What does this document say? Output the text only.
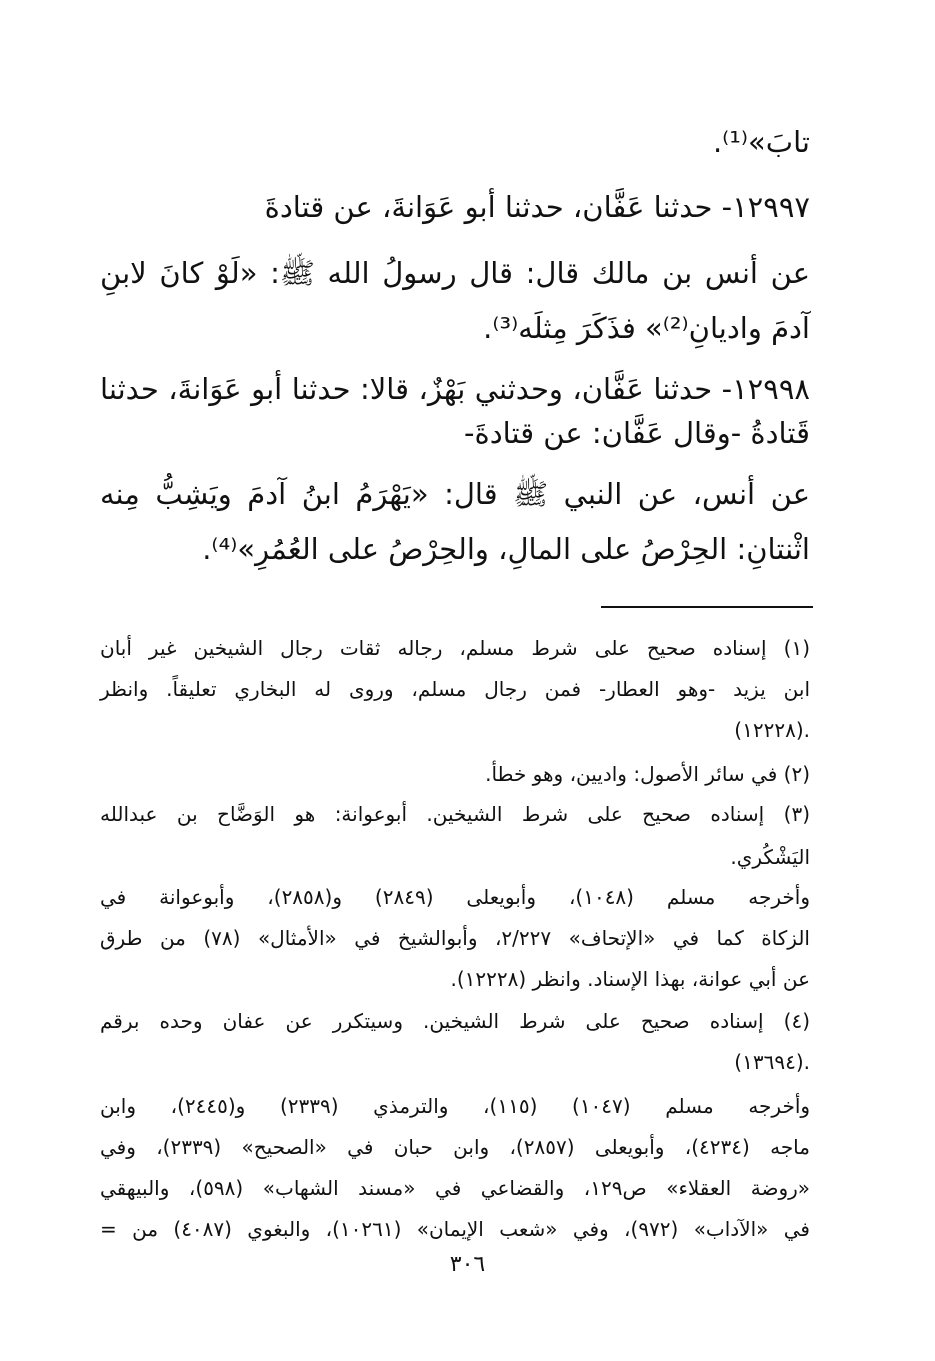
تابَ»⁽¹⁾.
١٢٩٩٧- حدثنا عَفَّان، حدثنا أبو عَوَانةَ، عن قتادةَ
عن أنس بن مالك قال: قال رسولُ الله ﷺ: «لَوْ كانَ لابنِ
آدمَ واديانِ⁽²⁾» فذَكَرَ مِثلَه⁽³⁾.
١٢٩٩٨- حدثنا عَفَّان، وحدثني بَهْزٌ، قالا: حدثنا أبو عَوَانةَ، حدثنا
قَتادةُ -وقال عَفَّان: عن قتادةَ-
عن أنس، عن النبي ﷺ قال: «يَهْرَمُ ابنُ آدمَ ويَشِبُّ مِنه
اثْنتانِ: الحِرْصُ على المالِ، والحِرْصُ على العُمُرِ»⁽⁴⁾.
(١) إسناده صحيح على شرط مسلم، رجاله ثقات رجال الشيخين غير أبان
ابن يزيد -وهو العطار- فمن رجال مسلم، وروى له البخاري تعليقاً. وانظر
(١٢٢٢٨).
(٢) في سائر الأصول: واديين، وهو خطأ.
(٣) إسناده صحيح على شرط الشيخين. أبوعوانة: هو الوَضَّاح بن عبدالله
اليَشْكُري.
وأخرجه مسلم (١٠٤٨)، وأبويعلى (٢٨٤٩) و(٢٨٥٨)، وأبوعوانة في
الزكاة كما في «الإتحاف» ٢/٢٢٧، وأبوالشيخ في «الأمثال» (٧٨) من طرق
عن أبي عوانة، بهذا الإسناد. وانظر (١٢٢٢٨).
(٤) إسناده صحيح على شرط الشيخين. وسيتكرر عن عفان وحده برقم
(١٣٦٩٤).
وأخرجه مسلم (١٠٤٧) (١١٥)، والترمذي (٢٣٣٩) و(٢٤٤٥)، وابن
ماجه (٤٢٣٤)، وأبويعلى (٢٨٥٧)، وابن حبان في «الصحيح» (٢٣٣٩)، وفي
«روضة العقلاء» ص١٢٩، والقضاعي في «مسند الشهاب» (٥٩٨)، والبيهقي
في «الآداب» (٩٧٢)، وفي «شعب الإيمان» (١٠٢٦١)، والبغوي (٤٠٨٧) من =
٣٠٦
